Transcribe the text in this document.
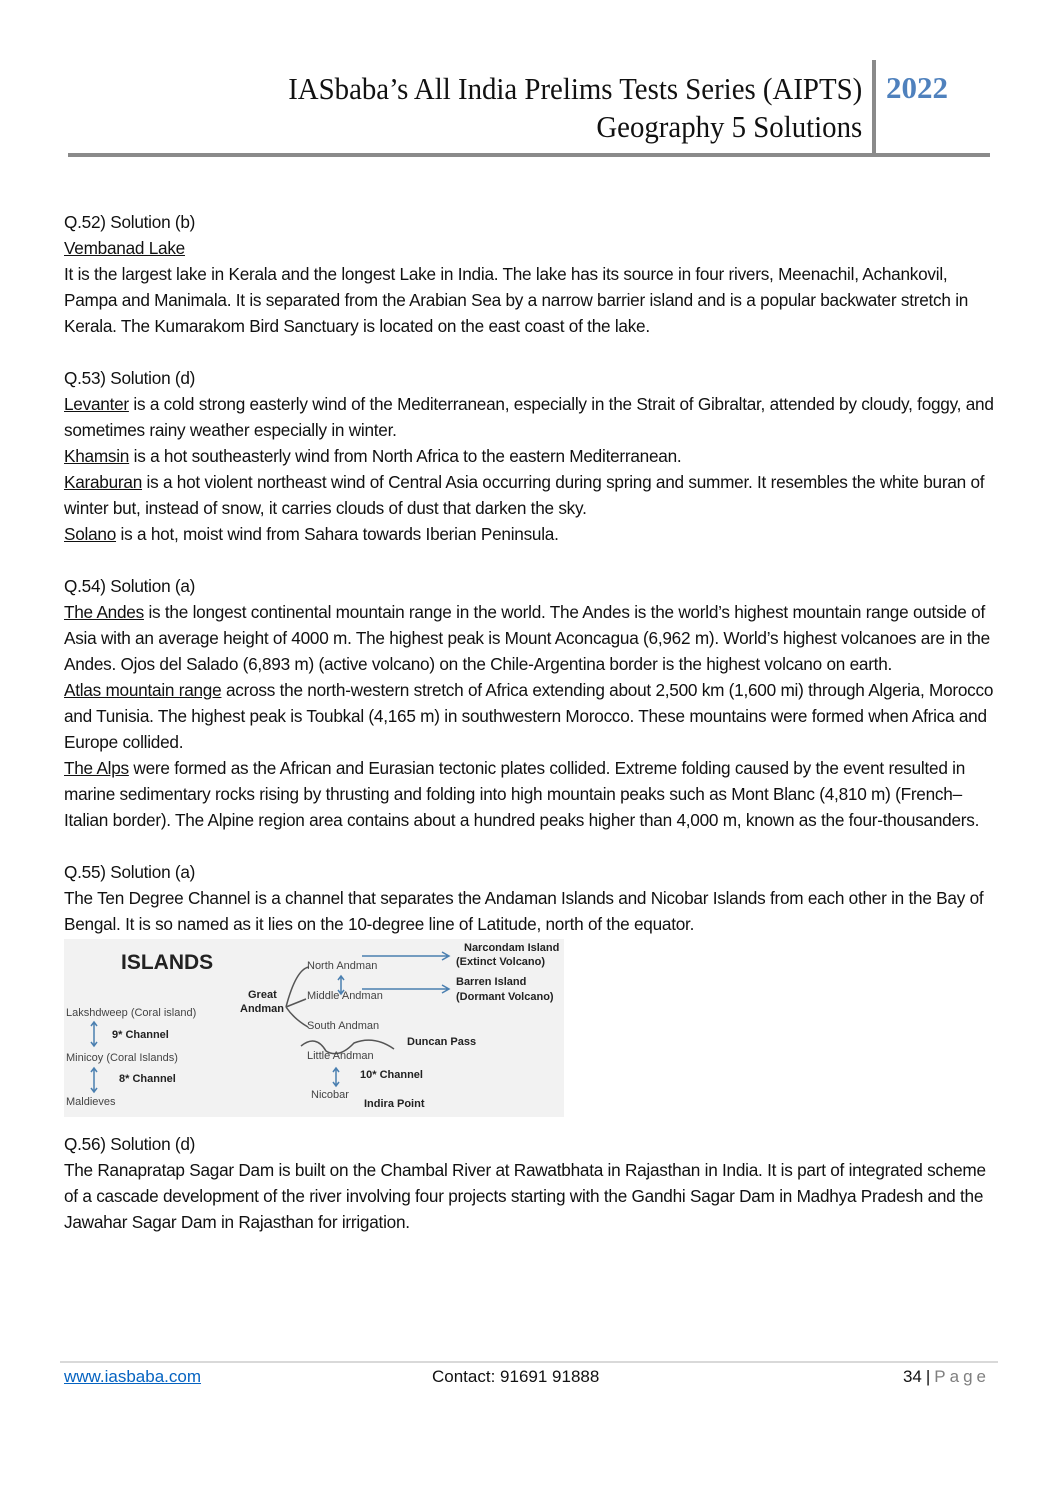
IASbaba’s All India Prelims Tests Series (AIPTS)
Geography 5 Solutions
2022
Q.52) Solution (b)
Vembanad Lake
It is the largest lake in Kerala and the longest Lake in India. The lake has its source in four rivers, Meenachil, Achankovil, Pampa and Manimala. It is separated from the Arabian Sea by a narrow barrier island and is a popular backwater stretch in Kerala. The Kumarakom Bird Sanctuary is located on the east coast of the lake.
Q.53) Solution (d)
Levanter is a cold strong easterly wind of the Mediterranean, especially in the Strait of Gibraltar, attended by cloudy, foggy, and sometimes rainy weather especially in winter.
Khamsin is a hot southeasterly wind from North Africa to the eastern Mediterranean.
Karaburan is a hot violent northeast wind of Central Asia occurring during spring and summer. It resembles the white buran of winter but, instead of snow, it carries clouds of dust that darken the sky.
Solano is a hot, moist wind from Sahara towards Iberian Peninsula.
Q.54) Solution (a)
The Andes is the longest continental mountain range in the world. The Andes is the world’s highest mountain range outside of Asia with an average height of 4000 m. The highest peak is Mount Aconcagua (6,962 m). World’s highest volcanoes are in the Andes. Ojos del Salado (6,893 m) (active volcano) on the Chile-Argentina border is the highest volcano on earth.
Atlas mountain range across the north-western stretch of Africa extending about 2,500 km (1,600 mi) through Algeria, Morocco and Tunisia. The highest peak is Toubkal (4,165 m) in southwestern Morocco. These mountains were formed when Africa and Europe collided.
The Alps were formed as the African and Eurasian tectonic plates collided. Extreme folding caused by the event resulted in marine sedimentary rocks rising by thrusting and folding into high mountain peaks such as Mont Blanc (4,810 m) (French–Italian border). The Alpine region area contains about a hundred peaks higher than 4,000 m, known as the four-thousanders.
Q.55) Solution (a)
The Ten Degree Channel is a channel that separates the Andaman Islands and Nicobar Islands from each other in the Bay of Bengal. It is so named as it lies on the 10-degree line of Latitude, north of the equator.
ISLANDS
Lakshdweep (Coral island)
9* Channel
Minicoy (Coral Islands)
8* Channel
Maldieves
Great
Andman
North Andman
Middle Andman
South Andman
Duncan Pass
Little Andman
10* Channel
Nicobar
Indira Point
Narcondam Island
(Extinct Volcano)
Barren Island
(Dormant Volcano)
Q.56) Solution (d)
The Ranapratap Sagar Dam is built on the Chambal River at Rawatbhata in Rajasthan in India. It is part of integrated scheme of a cascade development of the river involving four projects starting with the Gandhi Sagar Dam in Madhya Pradesh and the Jawahar Sagar Dam in Rajasthan for irrigation.
www.iasbaba.com	Contact: 91691 91888	34 | Page
